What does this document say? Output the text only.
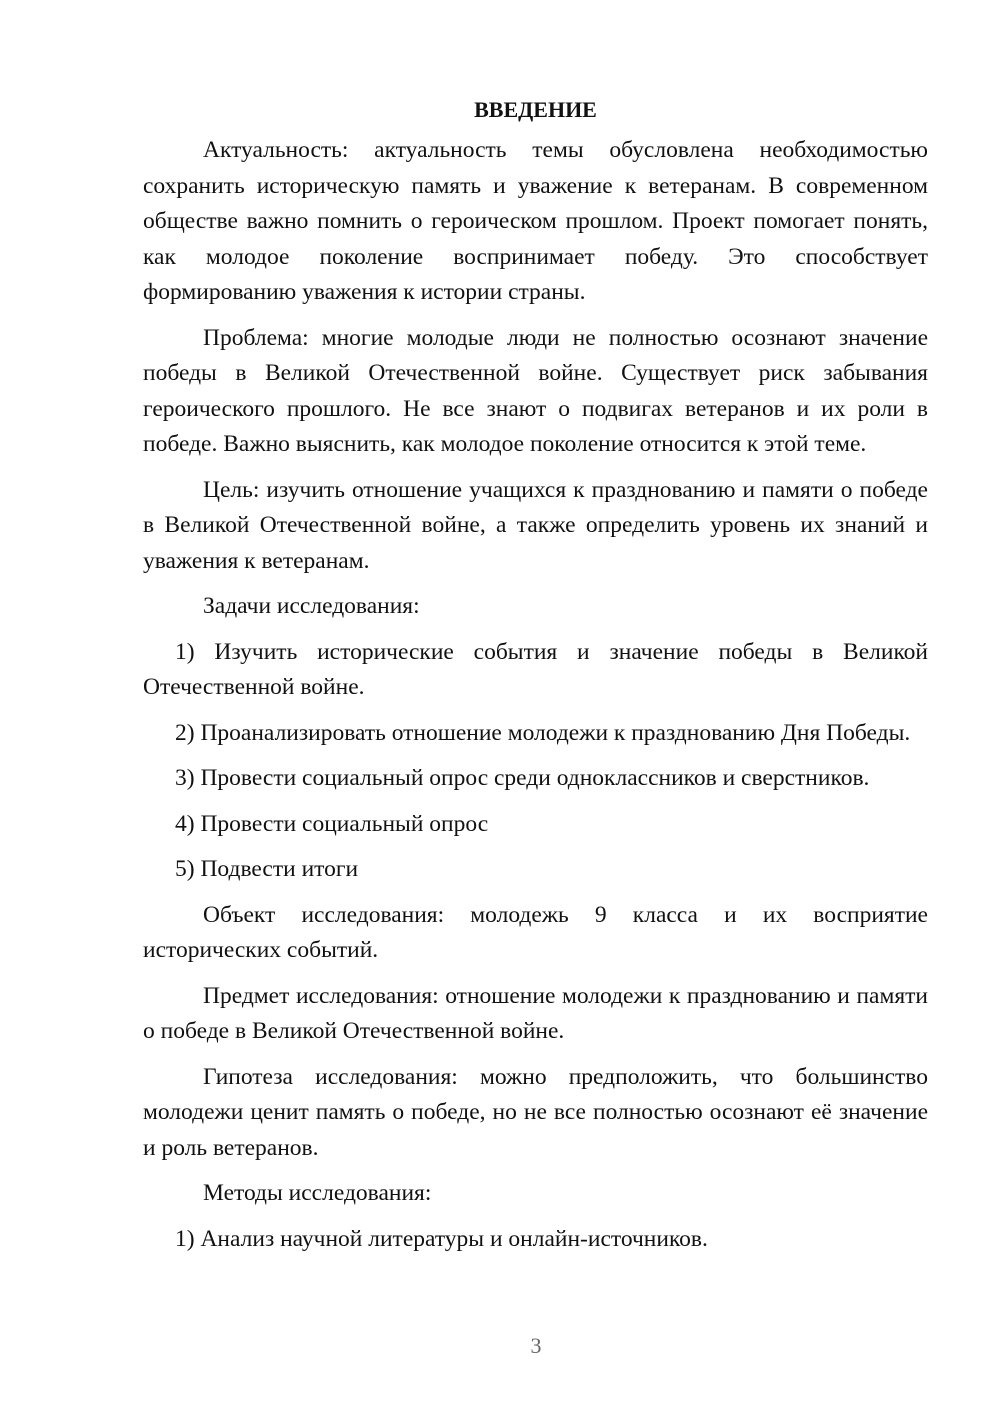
ВВЕДЕНИЕ

Актуальность: актуальность темы обусловлена необходимостью сохранить историческую память и уважение к ветеранам. В современном обществе важно помнить о героическом прошлом. Проект помогает понять, как молодое поколение воспринимает победу. Это способствует формированию уважения к истории страны.

Проблема: многие молодые люди не полностью осознают значение победы в Великой Отечественной войне. Существует риск забывания героического прошлого. Не все знают о подвигах ветеранов и их роли в победе. Важно выяснить, как молодое поколение относится к этой теме.

Цель: изучить отношение учащихся к празднованию и памяти о победе в Великой Отечественной войне, а также определить уровень их знаний и уважения к ветеранам.

Задачи исследования:

1) Изучить исторические события и значение победы в Великой Отечественной войне.

2) Проанализировать отношение молодежи к празднованию Дня Победы.

3) Провести социальный опрос среди одноклассников и сверстников.

4) Провести социальный опрос

5) Подвести итоги

Объект исследования: молодежь 9 класса и их восприятие исторических событий.

Предмет исследования: отношение молодежи к празднованию и памяти о победе в Великой Отечественной войне.

Гипотеза исследования: можно предположить, что большинство молодежи ценит память о победе, но не все полностью осознают её значение и роль ветеранов.

Методы исследования:

1) Анализ научной литературы и онлайн-источников.

3
